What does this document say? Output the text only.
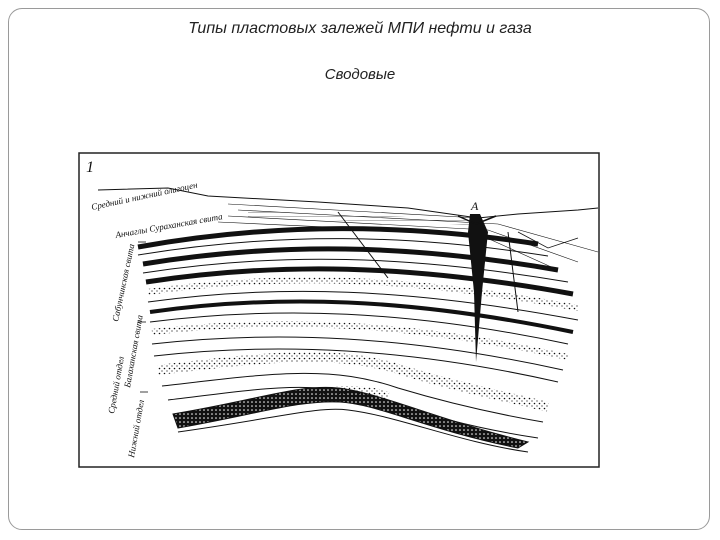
Типы пластовых залежей МПИ нефти и газа
Сводовые
1
А
Средний и нижний олигоцен
Анчаглы Сураханская свита
Сабунчинская свита
Балаханская свита
Средний отдел
Нижний отдел
